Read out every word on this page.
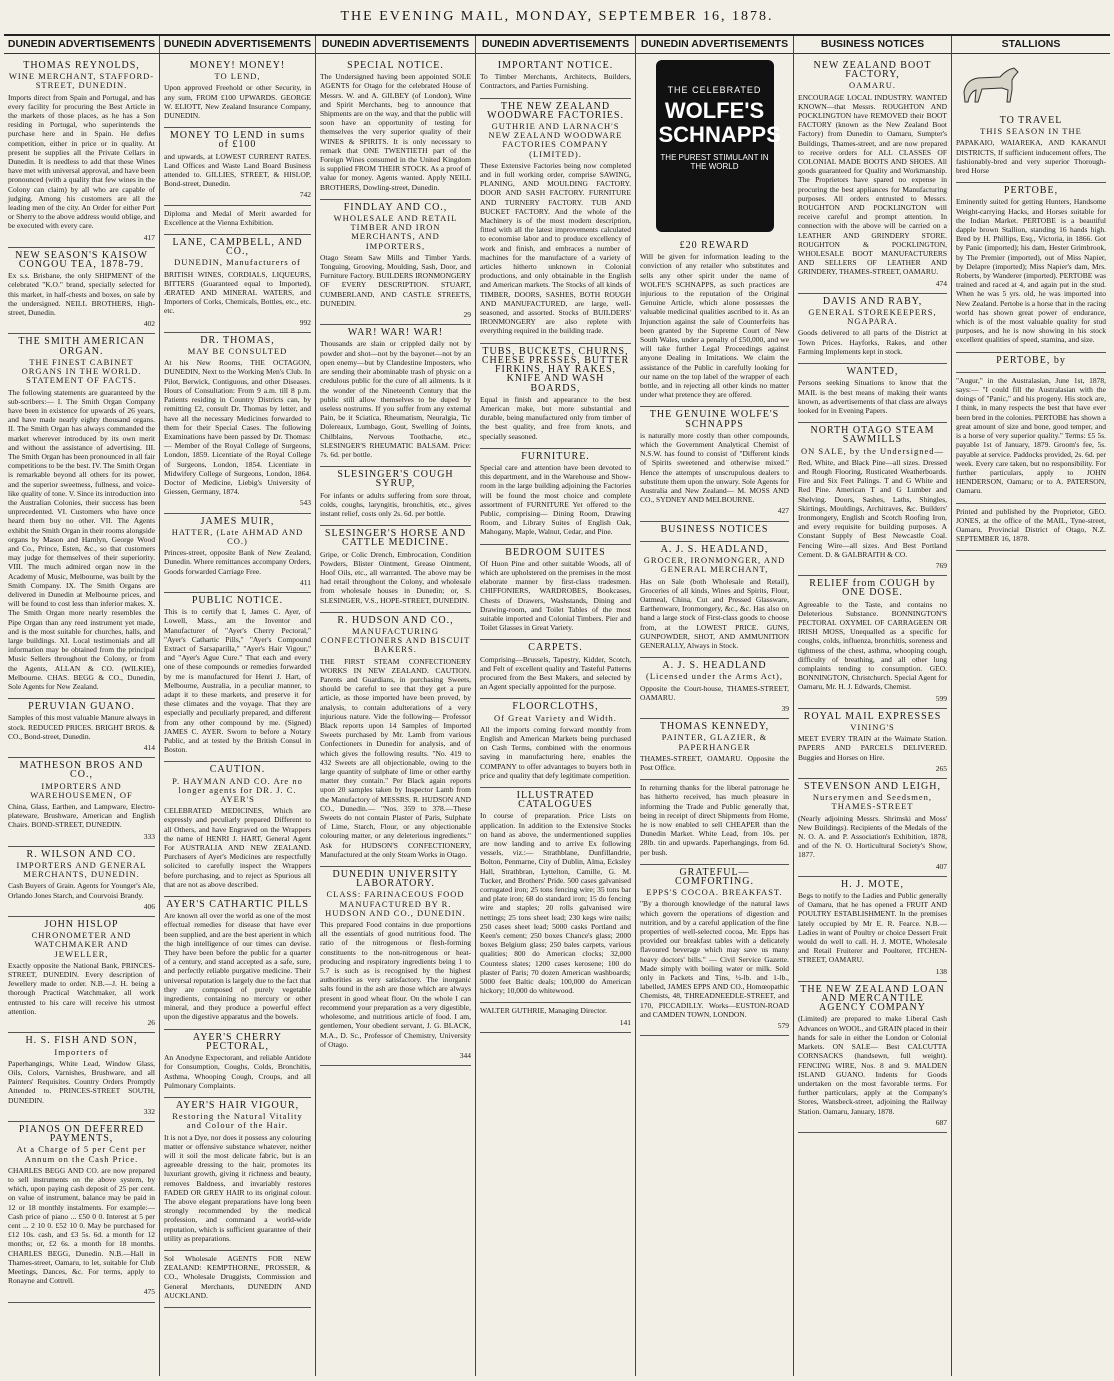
THE EVENING MAIL, MONDAY, SEPTEMBER 16, 1878.
DUNEDIN ADVERTISEMENTS
THOMAS REYNOLDS,
WINE MERCHANT, STAFFORD-STREET, DUNEDIN.

Imports direct from Spain and Portugal, and has every facility for procuring the Best Article in the markets of those places, as he has a Son residing in Portugal, who superintends the purchase here and in Spain. He defies competition, either in price or in quality. At present he supplies all the Private Cellars in Dunedin. It is needless to add that these Wines have met with universal approval, and have been pronounced (with a quality that few wines in the Colony can claim) by all who are capable of judging. Among his customers are all the leading men of the city. An Order for either Port or Sherry to the above address would oblige, and be executed with every care.

417
NEW SEASON'S KAISOW CONGOU TEA, 1878-79.

Ex s.s. Brisbane, the only SHIPMENT of the celebrated "K.O." brand, specially selected for this market, in half-chests and boxes, on sale by the undersigned. NEILL BROTHERS, High-street, Dunedin.

402
THE SMITH AMERICAN ORGAN.
THE FINEST CABINET ORGANS IN THE WORLD. STATEMENT OF FACTS.

The following statements are guaranteed by the sub-scribers:— I. The Smith Organ Company have been in existence for upwards of 26 years, and have made nearly eighty thousand organs. II. The Smith Organ has always commanded the market wherever introduced by its own merit and without the assistance of advertising. III. The Smith Organ has been pronounced in all fair competitions to be the best. IV. The Smith Organ is remarkable beyond all others for its power, and the superior sweetness, fullness, and voice-like quality of tone. V. Since its introduction into the Australian Colonies, their success has been unprecedented. VI. Customers who have once heard them buy no other. VII. The Agents exhibit the Smith Organ in their rooms alongside organs by Mason and Hamlyn, George Wood and Co., Prince, Esten, &c., so that customers may judge for themselves of their superiority. VIII. The much admired organ now in the Academy of Music, Melbourne, was built by the Smith Company. IX. The Smith Organs are delivered in Dunedin at Melbourne prices, and will be found to cost less than inferior makes. X. The Smith Organ more nearly resembles the Pipe Organ than any reed instrument yet made, and is the most suitable for churches, halls, and large buildings. XI. Local testimonials and all information may be obtained from the principal Music Sellers throughout the Colony, or from the Agents, ALLAN & CO. (WILKIE), Melbourne. CHAS. BEGG & CO., Dunedin, Sole Agents for New Zealand.

PERUVIAN GUANO.

Samples of this most valuable Manure always in stock. REDUCED PRICES. BRIGHT BROS. & CO., Bond-street, Dunedin.

414
MATHESON BROS AND CO.,
IMPORTERS AND WAREHOUSEMEN, OF

China, Glass, Earthen, and Lampware, Electro-plateware, Brushware, American and English Chairs. BOND-STREET, DUNEDIN.

333
R. WILSON AND CO.
IMPORTERS AND GENERAL MERCHANTS, DUNEDIN.

Cash Buyers of Grain. Agents for Younger's Ale, Orlando Jones Starch, and Courvoisi Brandy.

406
JOHN HISLOP
CHRONOMETER AND WATCHMAKER AND JEWELLER,

Exactly opposite the National Bank, PRINCES-STREET, DUNEDIN. Every description of Jewellery made to order. N.B.—J. H. being a thorough Practical Watchmaker, all work entrusted to his care will receive his utmost attention.

26
H. S. FISH AND SON,
Importers of

Paperhangings, White Lead, Window Glass, Oils, Colors, Varnishes, Brushware, and all Painters' Requisites. Country Orders Promptly Attended to. PRINCES-STREET SOUTH, DUNEDIN.

332
PIANOS ON DEFERRED PAYMENTS,
At a Charge of 5 per Cent per Annum on the Cash Price.

CHARLES BEGG AND CO. are now prepared to sell instruments on the above system, by which, upon paying cash deposit of 25 per cent. on value of instrument, balance may be paid in 12 or 18 monthly instalments. For example:— Cash price of piano ... £50 0 0. Interest at 5 per cent ... 2 10 0. £52 10 0. May be purchased for £12 10s. cash, and £3 5s. 6d. a month for 12 months; or, £2 6s. a month for 18 months. CHARLES BEGG, Dunedin. N.B.—Hall in Thames-street, Oamaru, to let, suitable for Club Meetings, Dances, &c. For terms, apply to Ronayne and Cottrell.

475
DUNEDIN ADVERTISEMENTS
MONEY! MONEY!
TO LEND,

Upon approved Freehold or other Security, in any sum, FROM £100 UPWARDS. GEORGE W. ELIOTT, New Zealand Insurance Company, DUNEDIN.

MONEY TO LEND in sums of £100

and upwards, at LOWEST CURRENT RATES. Land Offices and Waste Land Board Business attended to. GILLIES, STREET, & HISLOP, Bond-street, Dunedin.

742

Diploma and Medal of Merit awarded for Excellence at the Vienna Exhibition.

LANE, CAMPBELL, AND CO.,
DUNEDIN, Manufacturers of

BRITISH WINES, CORDIALS, LIQUEURS, BITTERS (Guaranteed equal to Imported), ÆRATED AND MINERAL WATERS, and Importers of Corks, Chemicals, Bottles, etc., etc. etc.

992
DR. THOMAS,
MAY BE CONSULTED

At his New Rooms, THE OCTAGON, DUNEDIN, Next to the Working Men's Club. In Pilot, Berwick, Contiguous, and other Diseases. Hours of Consultation: From 9 a.m. till 8 p.m. Patients residing in Country Districts can, by remitting £2, consult Dr. Thomas by letter, and have all the necessary Medicines forwarded to them for their Special Cases. The following Examinations have been passed by Dr. Thomas:— Member of the Royal College of Surgeons, London, 1859. Licentiate of the Royal College of Surgeons, London, 1854. Licentiate in Midwifery College of Surgeons, London, 1864. Doctor of Medicine, Liebig's University of Giessen, Germany, 1874.

543
JAMES MUIR,
HATTER, (Late AHMAD AND CO.)

Princes-street, opposite Bank of New Zealand, Dunedin. Where remittances accompany Orders, Goods forwarded Carriage Free.

411
PUBLIC NOTICE.

This is to certify that I, James C. Ayer, of Lowell, Mass., am the Inventor and Manufacturer of "Ayer's Cherry Pectoral," "Ayer's Cathartic Pills," "Ayer's Compound Extract of Sarsaparilla," "Ayer's Hair Vigour," and "Ayer's Ague Cure." That each and every one of these compounds or remedies forwarded by me is manufactured for Henri J. Hart, of Melbourne, Australia, in a peculiar manner, to adapt it to these markets, and preserve it for these climates and the voyage. That they are especially and peculiarly prepared, and different from any other compound by me. (Signed) JAMES C. AYER. Sworn to before a Notary Public, and at tested by the British Consul in Boston.

CAUTION.
P. HAYMAN AND CO. Are no longer agents for DR. J. C. AYER'S

CELEBRATED MEDICINES, Which are expressly and peculiarly prepared Different to all Others, and have Engraved on the Wrappers the name of HENRI J. HART, General Agent For AUSTRALIA AND NEW ZEALAND. Purchasers of Ayer's Medicines are respectfully solicited to carefully inspect the Wrappers before purchasing, and to reject as Spurious all that are not as above described.

AYER'S CATHARTIC PILLS

Are known all over the world as one of the most effectual remedies for disease that have ever been supplied, and are the best aperient in which the high intelligence of our times can devise. They have been before the public for a quarter of a century, and stand accepted as a safe, sure, and perfectly reliable purgative medicine. Their universal reputation is largely due to the fact that they are composed of purely vegetable ingredients, containing no mercury or other mineral, and they produce a powerful effect upon the digestive apparatus and the bowels.

AYER'S CHERRY PECTORAL,

An Anodyne Expectorant, and reliable Antidote for Consumption, Coughs, Colds, Bronchitis, Asthma, Whooping Cough, Croups, and all Pulmonary Complaints.

AYER'S HAIR VIGOUR,
Restoring the Natural Vitality and Colour of the Hair.

It is not a Dye, nor does it possess any colouring matter or offensive substance whatever, neither will it soil the most delicate fabric, but is an agreeable dressing to the hair, promotes its luxuriant growth, giving it richness and beauty, removes Baldness, and invariably restores FADED OR GREY HAIR to its original colour. The above elegant preparations have long been strongly recommended by the medical profession, and command a world-wide reputation, which is sufficient guarantee of their utility as preparations.

Sol Wholesale AGENTS FOR NEW ZEALAND: KEMPTHORNE, PROSSER, & CO., Wholesale Druggists, Commission and General Merchants, DUNEDIN AND AUCKLAND.

DUNEDIN ADVERTISEMENTS
SPECIAL NOTICE.

The Undersigned having been appointed SOLE AGENTS for Otago for the celebrated House of Messrs. W. and A. GILBEY (of London), Wine and Spirit Merchants, beg to announce that Shipments are on the way, and that the public will soon have an opportunity of testing for themselves the very superior quality of their WINES & SPIRITS. It is only necessary to remark that ONE TWENTIETH part of the Foreign Wines consumed in the United Kingdom is supplied FROM THEIR STOCK. As a proof of value for money. Agents wanted. Apply NEILL BROTHERS, Dowling-street, Dunedin.

FINDLAY AND CO.,
WHOLESALE AND RETAIL TIMBER AND IRON MERCHANTS, AND IMPORTERS,

Otago Steam Saw Mills and Timber Yards. Tonguing, Grooving, Moulding, Sash, Door, and Furniture Factory. BUILDERS IRONMONGERY OF EVERY DESCRIPTION. STUART, CUMBERLAND, AND CASTLE STREETS, DUNEDIN.

29
WAR! WAR! WAR!

Thousands are slain or crippled daily not by powder and shot—not by the bayonet—not by an open enemy—but by Clandestine Imposters, who are sending their abominable trash of physic on a credulous public for the cure of all ailments. Is it the wonder of the Nineteenth Century that the public still allow themselves to be duped by useless nostrums. If you suffer from any external Pain, be it Sciatica, Rheumatism, Neuralgia, Tic Dolereaux, Lumbago, Gout, Swelling of Joints, Chilblains, Nervous Toothache, etc., SLESINGER'S RHEUMATIC BALSAM. Price: 7s. 6d. per bottle.

SLESINGER'S COUGH SYRUP,

For infants or adults suffering from sore throat, colds, coughs, laryngitis, bronchitis, etc., gives instant relief, costs only 2s. 6d. per bottle.

SLESINGER'S HORSE AND CATTLE MEDICINE.

Gripe, or Colic Drench, Embrocation, Condition Powders, Blister Ointment, Grease Ointment, Hoof Oils, etc., all warranted. The above may be had retail throughout the Colony, and wholesale from wholesale houses in Dunedin; or, S. SLESINGER, V.S., HOPE-STREET, DUNEDIN.

R. HUDSON AND CO.,
MANUFACTURING CONFECTIONERS AND BISCUIT BAKERS.

THE FIRST STEAM CONFECTIONERY WORKS IN NEW ZEALAND. CAUTION. Parents and Guardians, in purchasing Sweets, should be careful to see that they get a pure article, as those imported have been proved, by analysis, to contain adulterations of a very injurious nature. Vide the following— Professor Black reports upon 14 Samples of Imported Sweets purchased by Mr. Lamb from various Confectioners in Dunedin for analysis, and of which gives the following results. "No. 419 to 432 Sweets are all objectionable, owing to the large quantity of sulphate of lime or other earthy matter they contain." Per Black again reports upon 20 samples taken by Inspector Lamb from the Manufactory of MESSRS. R. HUDSON AND CO., Dunedin.— "Nos. 359 to 378.—These Sweets do not contain Plaster of Paris, Sulphate of Lime, Starch, Flour, or any objectionable colouring matter, or any deleterious ingredients." Ask for HUDSON'S CONFECTIONERY, Manufactured at the only Steam Works in Otago.

DUNEDIN UNIVERSITY LABORATORY.
CLASS: FARINACEOUS FOOD MANUFACTURED BY R. HUDSON AND CO., DUNEDIN.

This prepared Food contains in due proportions all the essentials of good nutritious food. The ratio of the nitrogenous or flesh-forming constituents to the non-nitrogenous or heat-producing and respiratory ingredients being 1 to 5.7 is such as is recognised by the highest authorities as very satisfactory. The inorganic salts found in the ash are those which are always present in good wheat flour. On the whole I can recommend your preparation as a very digestible, wholesome, and nutritious article of food. I am, gentlemen, Your obedient servant, J. G. BLACK, M.A., D. Sc., Professor of Chemistry, University of Otago.

344
DUNEDIN ADVERTISEMENTS
IMPORTANT NOTICE.

To Timber Merchants, Architects, Builders, Contractors, and Parties Furnishing.

THE NEW ZEALAND WOODWARE FACTORIES.
GUTHRIE AND LARNACH'S NEW ZEALAND WOODWARE FACTORIES COMPANY (LIMITED).

These Extensive Factories being now completed and in full working order, comprise SAWING, PLANING, AND MOULDING FACTORY. DOOR AND SASH FACTORY. FURNITURE AND TURNERY FACTORY. TUB AND BUCKET FACTORY. And the whole of the Machinery is of the most modern description, fitted with all the latest improvements calculated to economise labor and to produce excellency of work and finish, and embraces a number of machines for the manufacture of a variety of articles hitherto unknown in Colonial productions, and only obtainable in the English and American markets. The Stocks of all kinds of TIMBER, DOORS, SASHES, BOTH ROUGH AND MANUFACTURED, are large, well-seasoned, and assorted. Stocks of BUILDERS' IRONMONGERY are also replete with everything required in the building trade.

TUBS, BUCKETS, CHURNS, CHEESE PRESSES, BUTTER FIRKINS, HAY RAKES, KNIFE AND WASH BOARDS,

Equal in finish and appearance to the best American make, but more substantial and durable, being manufactured only from timber of the best quality, and free from knots, and specially seasoned.

FURNITURE.

Special care and attention have been devoted to this department, and in the Warehouse and Show-room in the large building adjoining the Factories will be found the most choice and complete assortment of FURNITURE Yet offered to the Public, comprising— Dining Room, Drawing Room, and Library Suites of English Oak, Mahogany, Maple, Walnut, Cedar, and Pine.

BEDROOM SUITES

Of Huon Pine and other suitable Woods, all of which are upholstered on the premises in the most elaborate manner by first-class tradesmen. CHIFFONIERS, WARDROBES, Bookcases, Chests of Drawers, Washstands, Dining and Drawing-room, and Toilet Tables of the most suitable imported and Colonial Timbers. Pier and Toilet Glasses in Great Variety.

CARPETS.

Comprising—Brussels, Tapestry, Kidder, Scotch, and Felt of excellent quality and Tasteful Patterns procured from the Best Makers, and selected by an Agent specially appointed for the purpose.

FLOORCLOTHS,
Of Great Variety and Width.

All the imports coming forward monthly from English and American Markets being purchased on Cash Terms, combined with the enormous saving in manufacturing here, enables the COMPANY to offer advantages to buyers both in price and quality that defy legitimate competition.

ILLUSTRATED CATALOGUES

In course of preparation. Price Lists on application. In addition to the Extensive Stocks on hand as above, the undermentioned supplies are now landing and to arrive Ex following vessels, viz.:— Strathblane, Dunfillandrie, Bolton, Penmarne, City of Dublin, Alma, Ecksley Hall, Strathbran, Lyttelton, Camille, G. M. Tucker, and Brothers' Pride. 500 cases galvanised corrugated iron; 25 tons fencing wire; 35 tons bar and plate iron; 68 do standard iron; 15 do fencing wire and staples; 20 rolls galvanised wire nettings; 25 tons sheet lead; 230 kegs wire nails; 250 cases sheet lead; 5000 casks Portland and Keen's cement; 250 boxes Chance's glass; 2000 boxes Belgium glass; 250 bales carpets, various qualities; 800 do American clocks; 32,000 Countess slates; 1200 cases kerosene; 100 do plaster of Paris; 70 dozen American washboards; 5000 feet Baltic deals; 100,000 do American hickory; 10,000 do whitewood.

WALTER GUTHRIE, Managing Director.

141
DUNEDIN ADVERTISEMENTS
THE CELEBRATED
WOLFE'S
SCHNAPPS
THE PUREST STIMULANT IN THE WORLD
£20 REWARD

Will be given for information leading to the conviction of any retailer who substitutes and sells any other spirit under the name of WOLFE'S SCHNAPPS, as such practices are injurious to the reputation of the Original Genuine Article, which alone possesses the valuable medicinal qualities ascribed to it. As an Injunction against the sale of Counterfeits has been granted by the Supreme Court of New South Wales, under a penalty of £50,000, and we will take further Legal Proceedings against anyone Dealing in Imitations. We claim the assistance of the Public in carefully looking for our name on the top label of the wrapper of each bottle, and in rejecting all other kinds no matter under what pretence they are offered.

THE GENUINE WOLFE'S SCHNAPPS

is naturally more costly than other compounds, which the Government Analytical Chemist of N.S.W. has found to consist of "Different kinds of Spirits sweetened and otherwise mixed." Hence the attempts of unscrupulous dealers to substitute them upon the unwary. Sole Agents for Australia and New Zealand— M. MOSS AND CO., SYDNEY AND MELBOURNE.

427
BUSINESS NOTICES
A. J. S. HEADLAND,
GROCER, IRONMONGER, AND GENERAL MERCHANT,

Has on Sale (both Wholesale and Retail), Groceries of all kinds, Wines and Spirits, Flour, Oatmeal, China, Cut and Pressed Glassware, Earthenware, Ironmongery, &c., &c. Has also on hand a large stock of First-class goods to choose from, at the LOWEST PRICE. GUNS, GUNPOWDER, SHOT, AND AMMUNITION GENERALLY, Always in Stock.

A. J. S. HEADLAND
(Licensed under the Arms Act),

Opposite the Court-house, THAMES-STREET, OAMARU.

39
THOMAS KENNEDY,
PAINTER, GLAZIER, & PAPERHANGER

THAMES-STREET, OAMARU. Opposite the Post Office.

In returning thanks for the liberal patronage he has hitherto received, has much pleasure in informing the Trade and Public generally that, being in receipt of direct Shipments from Home, he is now enabled to sell CHEAPER than the Dunedin Market. White Lead, from 10s. per 28lb. tin and upwards. Paperhangings, from 6d. per bush.

GRATEFUL—COMFORTING.
EPPS'S COCOA. BREAKFAST.

"By a thorough knowledge of the natural laws which govern the operations of digestion and nutrition, and by a careful application of the fine properties of well-selected cocoa, Mr. Epps has provided our breakfast tables with a delicately flavoured beverage which may save us many heavy doctors' bills." — Civil Service Gazette. Made simply with boiling water or milk. Sold only in Packets and Tins, ½-lb. and 1-lb., labelled, JAMES EPPS AND CO., Homœopathic Chemists, 48, THREADNEEDLE-STREET, and 170, PICCADILLY. Works—EUSTON-ROAD and CAMDEN TOWN, LONDON.

579
BUSINESS NOTICES
NEW ZEALAND BOOT FACTORY,
OAMARU.

ENCOURAGE LOCAL INDUSTRY. WANTED KNOWN—that Messrs. ROUGHTON AND POCKLINGTON have REMOVED their BOOT FACTORY (known as the New Zealand Boot Factory) from Dunedin to Oamaru, Sumpter's Buildings, Thames-street, and are now prepared to receive orders for ALL CLASSES OF COLONIAL MADE BOOTS AND SHOES. All goods guaranteed for Quality and Workmanship. The Proprietors have spared no expense in procuring the best appliances for Manufacturing purposes. All orders entrusted to Messrs. ROUGHTON AND POCKLINGTON will receive careful and prompt attention. In connection with the above will be carried on a LEATHER AND GRINDERY STORE. ROUGHTON & POCKLINGTON, WHOLESALE BOOT MANUFACTURERS AND SELLERS OF LEATHER AND GRINDERY, THAMES-STREET, OAMARU.

474
DAVIS AND RABY,
GENERAL STOREKEEPERS, NGAPARA.

Goods delivered to all parts of the District at Town Prices. Hayforks, Rakes, and other Farming Implements kept in stock.

WANTED,

Persons seeking Situations to know that the MAIL is the best means of making their wants known, as advertisements of that class are always looked for in Evening Papers.

NORTH OTAGO STEAM SAWMILLS
ON SALE, by the Undersigned—

Red, White, and Black Pine—all sizes. Dressed and Rough Flooring, Rusticated Weatherboards. Fire and Six Feet Palings. T and G White and Red Pine. American T and G Lumber and Shelving. Doors, Sashes, Laths, Shingles, Skirtings, Mouldings, Architraves, &c. Builders' Ironmongery, English and Scotch Roofing Iron, and every requisite for building purposes. A Constant Supply of Best Newcastle Coal. Fencing Wire—all sizes. And Best Portland Cement. D. & GALBRAITH & CO.

769
RELIEF from COUGH by ONE DOSE.

Agreeable to the Taste, and contains no Deleterious Substance. BONNINGTON'S PECTORAL OXYMEL OF CARRAGEEN OR IRISH MOSS, Unequalled as a specific for coughs, colds, influenza, bronchitis, soreness and tightness of the chest, asthma, whooping cough, difficulty of breathing, and all other lung complaints tending to consumption. GEO. BONNINGTON, Christchurch. Special Agent for Oamaru, Mr. H. J. Edwards, Chemist.

599
ROYAL MAIL EXPRESSES
VINING'S

MEET EVERY TRAIN at the Waimate Station. PAPERS AND PARCELS DELIVERED. Buggies and Horses on Hire.

265
STEVENSON AND LEIGH,
Nurserymen and Seedsmen, THAMES-STREET

(Nearly adjoining Messrs. Shrimski and Moss' New Buildings). Recipients of the Medals of the N. O. A. and P. Association's Exhibition, 1878, and of the N. O. Horticultural Society's Show, 1877.

407
H. J. MOTE,

Begs to notify to the Ladies and Public generally of Oamaru, that he has opened a FRUIT AND POULTRY ESTABLISHMENT. In the premises lately occupied by Mr E. R. Fearce. N.B.—Ladies in want of Poultry or choice Dessert Fruit would do well to call. H. J. MOTE, Wholesale and Retail Fruiterer and Poulterer, ITCHEN-STREET, OAMARU.

138
THE NEW ZEALAND LOAN AND MERCANTILE AGENCY COMPANY

(Limited) are prepared to make Liberal Cash Advances on WOOL, and GRAIN placed in their hands for sale in either the London or Colonial Markets. ON SALE— Best CALCUTTA CORNSACKS (handsewn, full weight). FENCING WIRE, Nos. 8 and 9. MALDEN ISLAND GUANO. Indents for Goods undertaken on the most favorable terms. For further particulars, apply at the Company's Stores, Wansbeck-street, adjoining the Railway Station. Oamaru, January, 1878.

687
STALLIONS
TO TRAVEL
THIS SEASON IN THE

PAPAKAIO, WAIAREKA, AND KAKANUI DISTRICTS, If sufficient inducement offers, The fashionably-bred and very superior Thorough-bred Horse

PERTOBE,

Eminently suited for getting Hunters, Handsome Weight-carrying Hacks, and Horses suitable for the Indian Market. PERTOBE is a beautiful dapple brown Stallion, standing 16 hands high. Bred by H. Phillips, Esq., Victoria, in 1866. Got by Panic (imported); his dam, Hester Grimbrook, by The Premier (imported), out of Miss Napier, by Delapre (imported); Miss Napier's dam, Mrs. Roberts, by Wanderer (imported). PERTOBE was trained and raced at 4, and again put in the stud. When he was 5 yrs. old, he was imported into New Zealand. Pertobe is a horse that in the racing world has shown great power of endurance, which is of the most valuable quality for stud purposes, and he is now showing in his stock excellent qualities of speed, stamina, and size.

PERTOBE, by

"Augur," in the Australasian, June 1st, 1878, says:— "I could fill the Australasian with the doings of "Panic," and his progeny. His stock are, I think, in many respects the best that have ever been bred in the colonies. PERTOBE has shown a great amount of size and bone, good temper, and is a horse of very superior quality." Terms: £5 5s. payable 1st of January, 1879. Groom's fee, 5s. payable at service. Paddocks provided, 2s. 6d. per week. Every care taken, but no responsibility. For further particulars, apply to JOHN HENDERSON, Oamaru; or to A. PATERSON, Oamaru.

Printed and published by the Proprietor, GEO. JONES, at the office of the MAIL, Tyne-street, Oamaru, Provincial District of Otago, N.Z. SEPTEMBER 16, 1878.
